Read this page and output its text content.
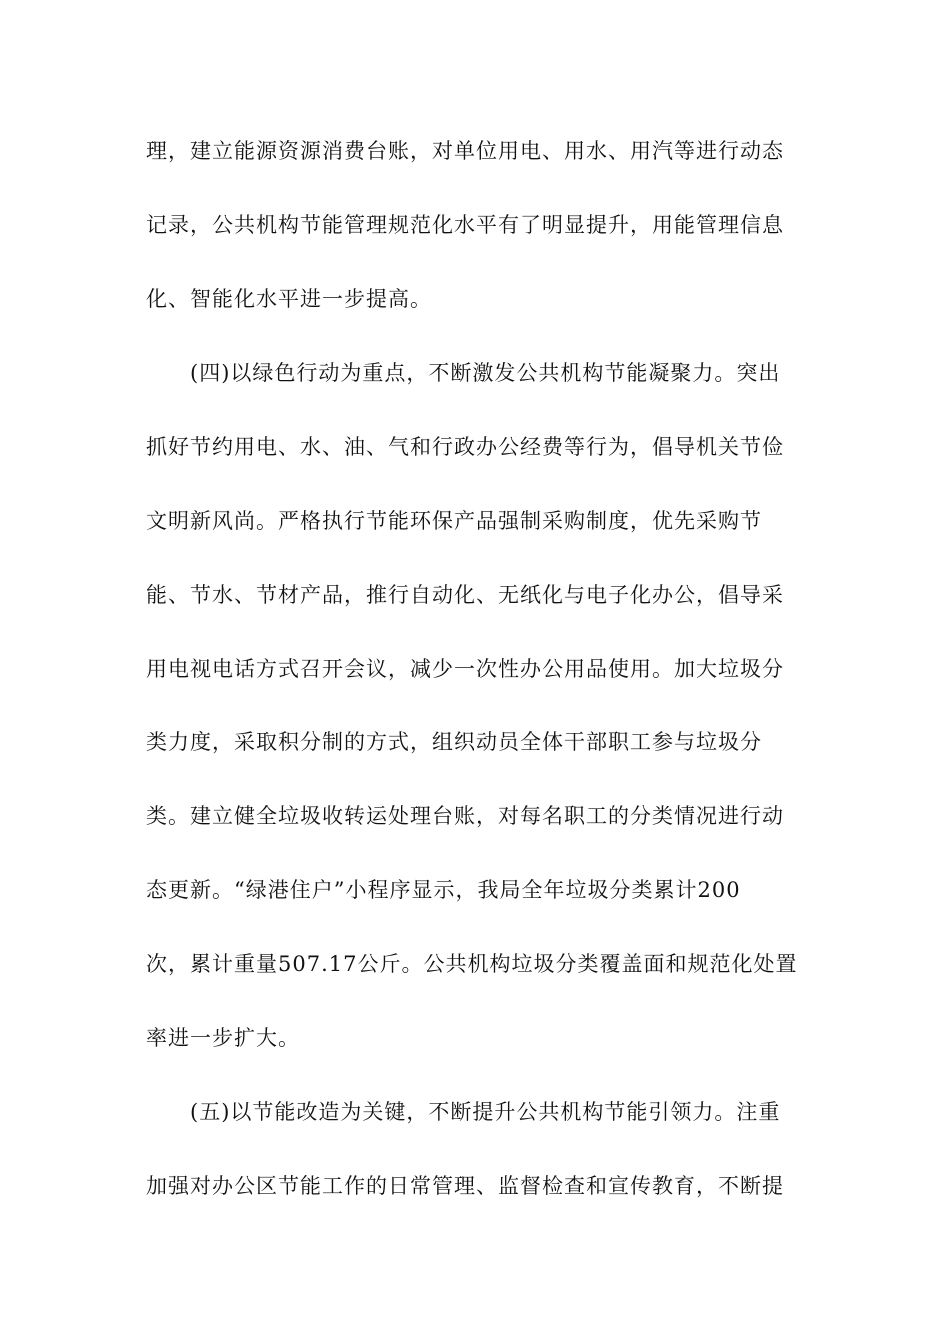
理，建立能源资源消费台账，对单位用电、用水、用汽等进行动态
记录，公共机构节能管理规范化水平有了明显提升，用能管理信息
化、智能化水平进一步提高。
(四)以绿色行动为重点，不断激发公共机构节能凝聚力。突出
抓好节约用电、水、油、气和行政办公经费等行为，倡导机关节俭
文明新风尚。严格执行节能环保产品强制采购制度，优先采购节
能、节水、节材产品，推行自动化、无纸化与电子化办公，倡导采
用电视电话方式召开会议，减少一次性办公用品使用。加大垃圾分
类力度，采取积分制的方式，组织动员全体干部职工参与垃圾分
类。建立健全垃圾收转运处理台账，对每名职工的分类情况进行动
态更新。“绿港住户”小程序显示，我局全年垃圾分类累计200
次，累计重量507.17公斤。公共机构垃圾分类覆盖面和规范化处置
率进一步扩大。
(五)以节能改造为关键，不断提升公共机构节能引领力。注重
加强对办公区节能工作的日常管理、监督检查和宣传教育，不断提
